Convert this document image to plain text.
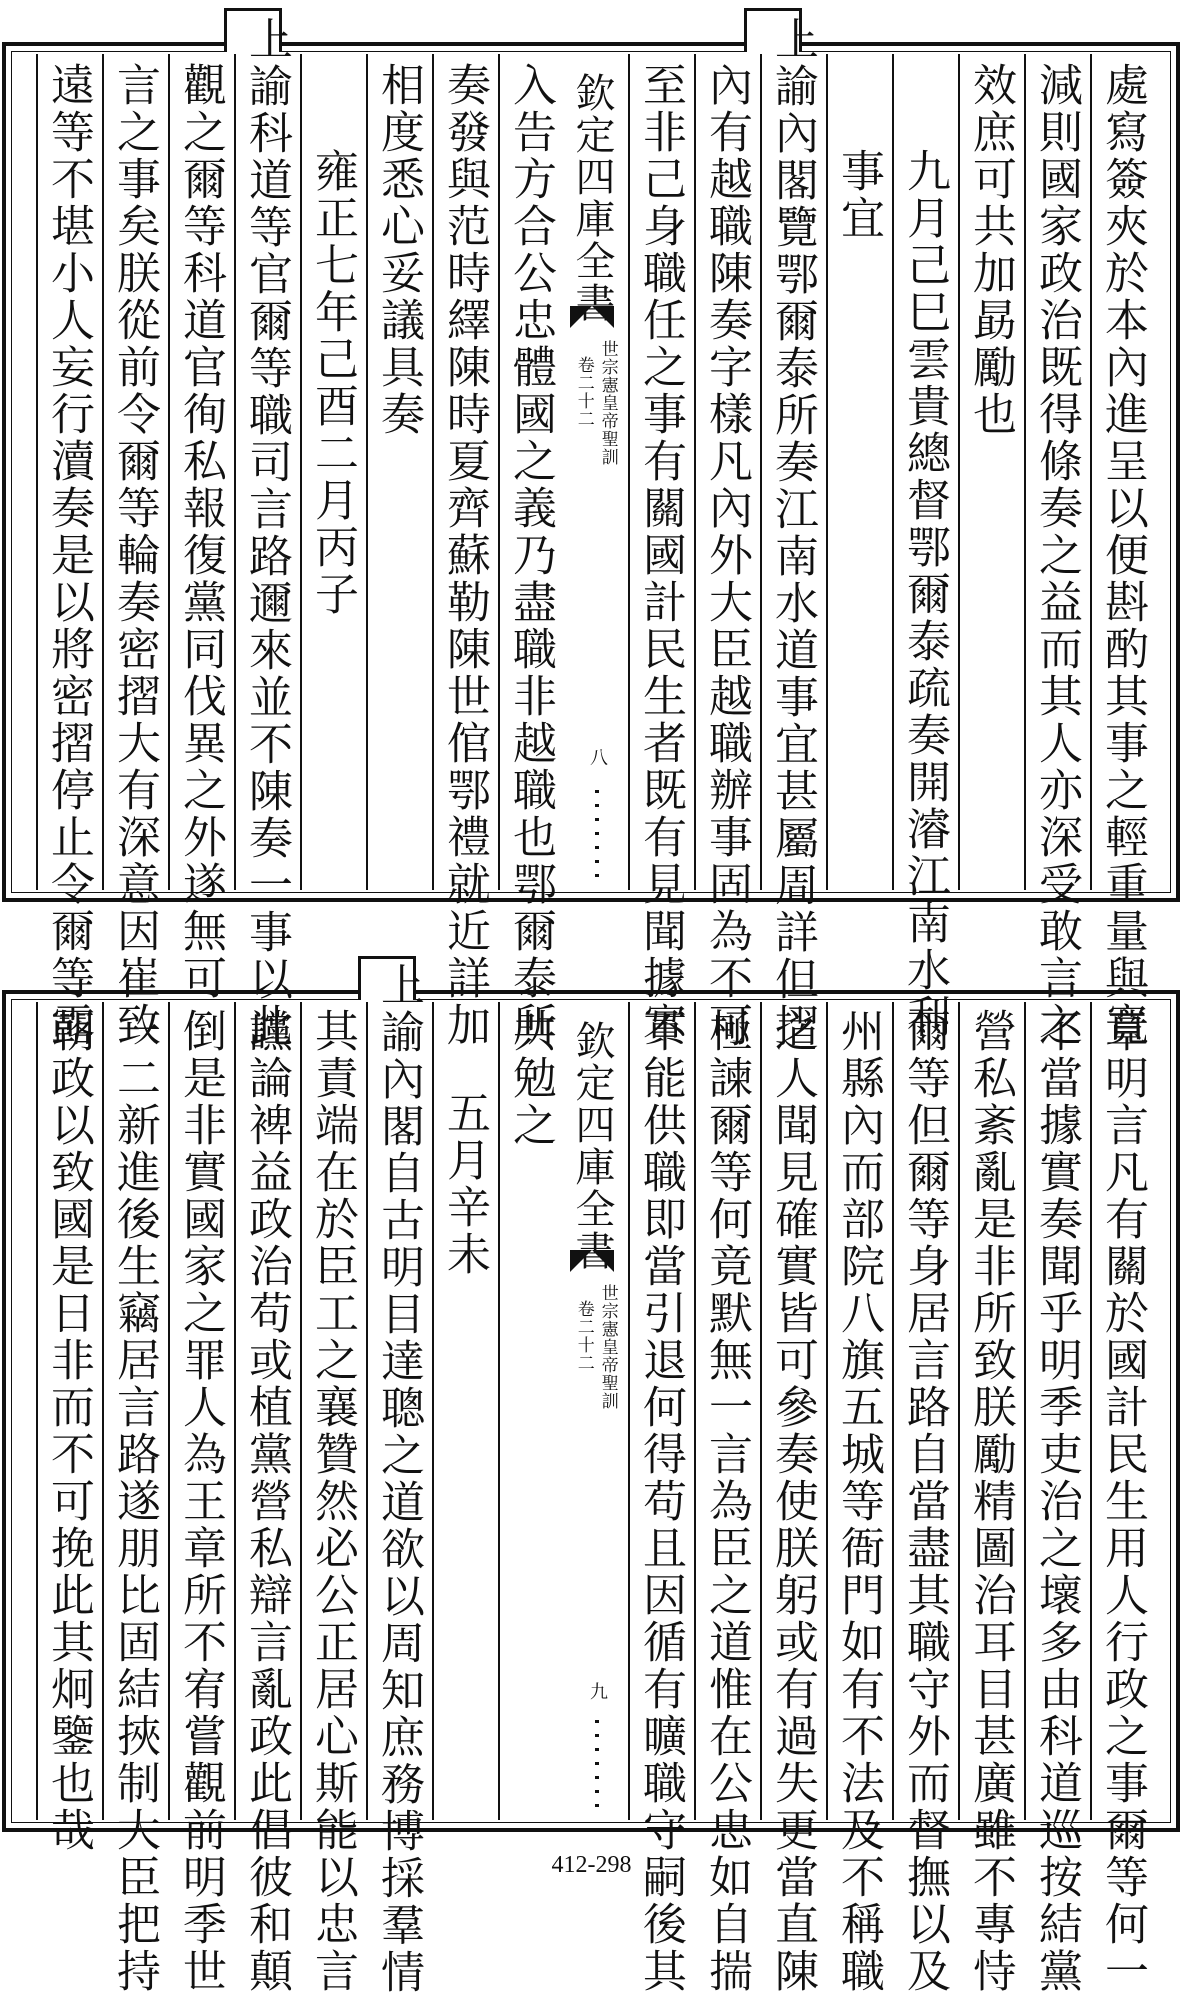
處寫簽夾於本內進呈以便斟酌其事之輕重量與寬
減則國家政治既得條奏之益而其人亦深受敢言之
效庶可共加勗勵也
九月己巳雲貴總督鄂爾泰疏奏開濬江南水利
事宜
上諭內閣覽鄂爾泰所奏江南水道事宜甚屬周詳但摺
內有越職陳奏字樣凡內外大臣越職辦事固為不可
至非己身職任之事有關國計民生者既有見聞據實
欽定四庫全書
世宗憲皇帝聖訓
卷二十二
八
入告方合公忠體國之義乃盡職非越職也鄂爾泰所
奏發與范時繹陳時夏齊蘇勒陳世倌鄂禮就近詳加
相度悉心妥議具奏
雍正七年己酉二月丙子
上諭科道等官爾等職司言路邇來並不陳奏一事以此
觀之爾等科道官徇私報復黨同伐異之外遂無可
言之事矣朕從前令爾等輪奏密摺大有深意因崔致
遠等不堪小人妄行瀆奏是以將密摺停止令爾等露
章明言凡有關於國計民生用人行政之事爾等何一
不當據實奏聞乎明季吏治之壞多由科道巡按結黨
營私紊亂是非所致朕勵精圖治耳目甚廣雖不專恃
爾等但爾等身居言路自當盡其職守外而督撫以及
州縣內而部院八旗五城等衙門如有不法及不稱職
之人聞見確實皆可參奏使朕躬或有過失更當直陳
極諫爾等何竟默無一言為臣之道惟在公忠如自揣
不能供職即當引退何得苟且因循有曠職守嗣後其
欽定四庫全書
世宗憲皇帝聖訓
卷二十二
九
共勉之
五月辛未
上諭內閣自古明目達聰之道欲以周知庶務博採羣情
其責端在於臣工之襄贊然必公正居心斯能以忠言
讜論裨益政治苟或植黨營私辯言亂政此倡彼和顛
倒是非實國家之罪人為王章所不宥嘗觀前明季世
一二新進後生竊居言路遂朋比固結挾制大臣把持
朝政以致國是日非而不可挽此其炯鑒也哉
412-298
